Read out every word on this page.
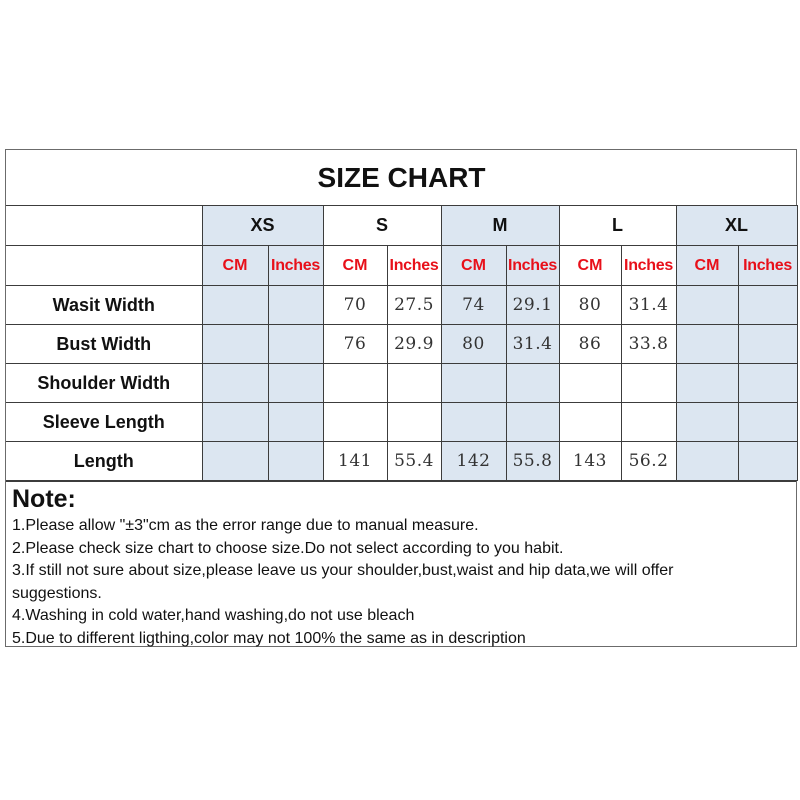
SIZE CHART										
	XS		S		M		L		XL	
	CM	Inches	CM	Inches	CM	Inches	CM	Inches	CM	Inches
Wasit Width			70	27.5	74	29.1	80	31.4		
Bust Width			76	29.9	80	31.4	86	33.8		
Shoulder Width										
Sleeve Length										
Length			141	55.4	142	55.8	143	56.2		
Note:
1.Please allow "±3"cm as the error range due to manual measure.
2.Please check size chart to choose size.Do not select according to you habit.
3.If still not sure about size,please leave us your shoulder,bust,waist and hip data,we will offer
suggestions.
4.Washing in cold water,hand washing,do not use bleach
5.Due to different ligthing,color may not 100% the same as in description
